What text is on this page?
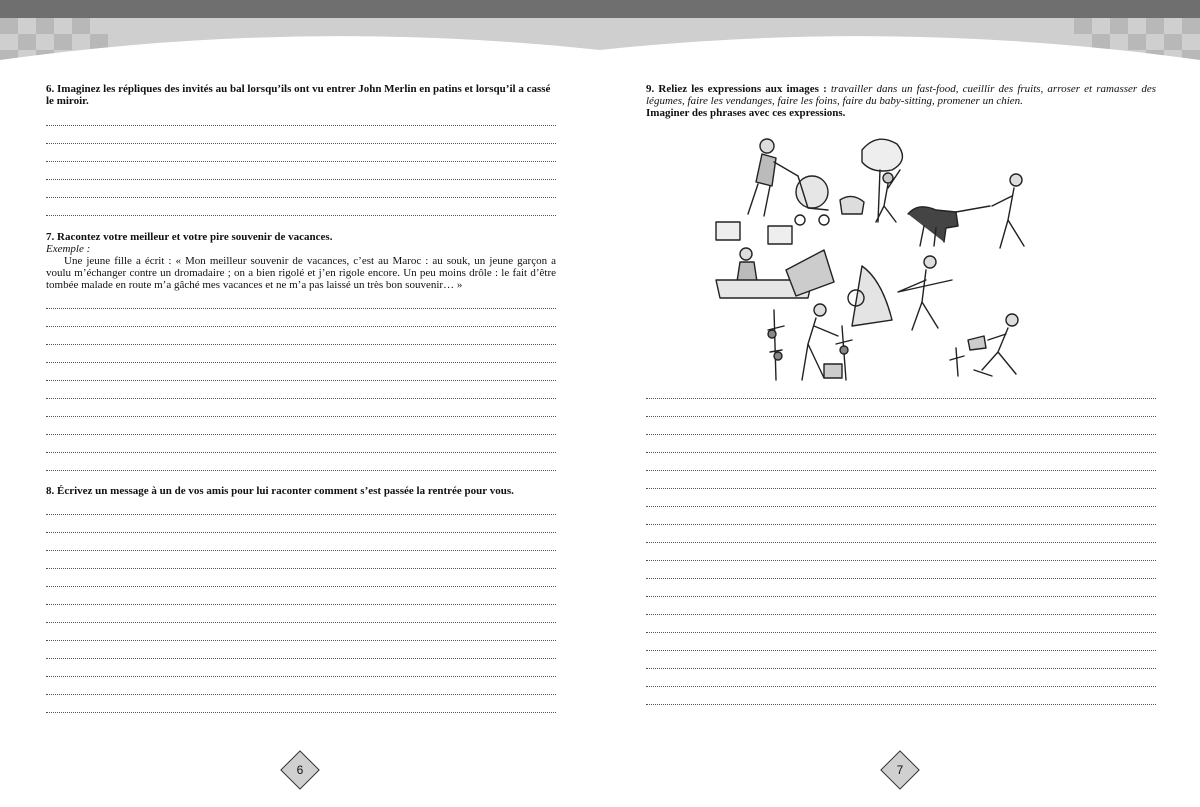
6. Imaginez les répliques des invités au bal lorsqu’ils ont vu entrer John Merlin en patins et lorsqu’il a cassé le miroir.

7. Racontez votre meilleur et votre pire souvenir de vacances.

Exemple :

Une jeune fille a écrit : « Mon meilleur souvenir de vacances, c’est au Maroc : au souk, un jeune garçon a voulu m’échanger contre un dromadaire ; on a bien rigolé et j’en rigole encore. Un peu moins drôle : le fait d’être tombée malade en route m’a gâché mes vacances et ne m’a pas laissé un très bon souvenir… »

8. Écrivez un message à un de vos amis pour lui raconter comment s’est passée la rentrée pour vous.

9. Reliez les expressions aux images : travailler dans un fast-food, cueillir des fruits, arroser et ramasser des légumes, faire les vendanges, faire les foins, faire du baby-sitting, promener un chien.

Imaginer des phrases avec ces expressions.

6	7
